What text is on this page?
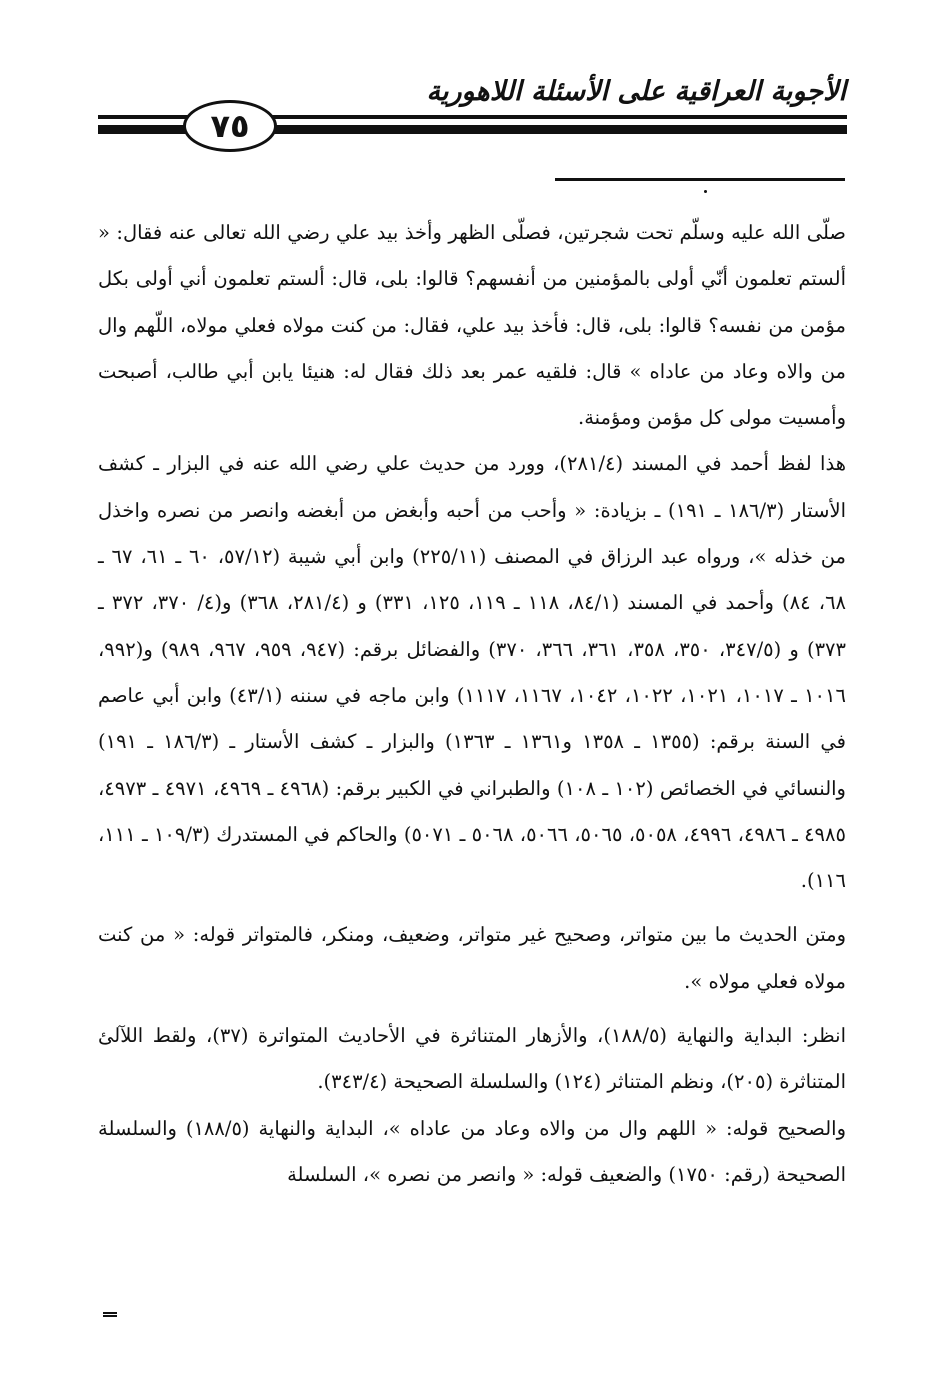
الأجوبة العراقية على الأسئلة اللاهورية
٧٥

صلّى الله عليه وسلّم تحت شجرتين، فصلّى الظهر وأخذ بيد علي رضي الله تعالى عنه فقال: « ألستم تعلمون أنّي أولى بالمؤمنين من أنفسهم؟ قالوا: بلى، قال: ألستم تعلمون أني أولى بكل مؤمن من نفسه؟ قالوا: بلى، قال: فأخذ بيد علي، فقال: من كنت مولاه فعلي مولاه، اللّهم وال من والاه وعاد من عاداه » قال: فلقيه عمر بعد ذلك فقال له: هنيئا يابن أبي طالب، أصبحت وأمسيت مولى كل مؤمن ومؤمنة.

هذا لفظ أحمد في المسند (٢٨١/٤)، وورد من حديث علي رضي الله عنه في البزار ـ كشف الأستار (١٨٦/٣ ـ ١٩١) ـ بزيادة: « وأحب من أحبه وأبغض من أبغضه وانصر من نصره واخذل من خذله »، ورواه عبد الرزاق في المصنف (٢٢٥/١١) وابن أبي شيبة (٥٧/١٢، ٦٠ ـ ٦١، ٦٧ ـ ٦٨، ٨٤) وأحمد في المسند (٨٤/١، ١١٨ ـ ١١٩، ١٢٥، ٣٣١) و (٢٨١/٤، ٣٦٨) و(٤/ ٣٧٠، ٣٧٢ ـ ٣٧٣) و (٣٤٧/٥، ٣٥٠، ٣٥٨، ٣٦١، ٣٦٦، ٣٧٠) والفضائل برقم: (٩٤٧، ٩٥٩، ٩٦٧، ٩٨٩) و(٩٩٢، ١٠١٦ ـ ١٠١٧، ١٠٢١، ١٠٢٢، ١٠٤٢، ١١٦٧، ١١١٧) وابن ماجه في سننه (٤٣/١) وابن أبي عاصم في السنة برقم: (١٣٥٥ ـ ١٣٥٨ و١٣٦١ ـ ١٣٦٣) والبزار ـ كشف الأستار ـ (١٨٦/٣ ـ ١٩١) والنسائي في الخصائص (١٠٢ ـ ١٠٨) والطبراني في الكبير برقم: (٤٩٦٨ ـ ٤٩٦٩، ٤٩٧١ ـ ٤٩٧٣، ٤٩٨٥ ـ ٤٩٨٦، ٤٩٩٦، ٥٠٥٨، ٥٠٦٥، ٥٠٦٦، ٥٠٦٨ ـ ٥٠٧١) والحاكم في المستدرك (١٠٩/٣ ـ ١١١، ١١٦).

ومتن الحديث ما بين متواتر، وصحيح غير متواتر، وضعيف، ومنكر، فالمتواتر قوله: « من كنت مولاه فعلي مولاه ».

انظر: البداية والنهاية (١٨٨/٥)، والأزهار المتناثرة في الأحاديث المتواترة (٣٧)، ولقط اللآلئ المتناثرة (٢٠٥)، ونظم المتناثر (١٢٤) والسلسلة الصحيحة (٣٤٣/٤).

والصحيح قوله: « اللهم وال من والاه وعاد من عاداه »، البداية والنهاية (١٨٨/٥) والسلسلة الصحيحة (رقم: ١٧٥٠) والضعيف قوله: « وانصر من نصره »، السلسلة
